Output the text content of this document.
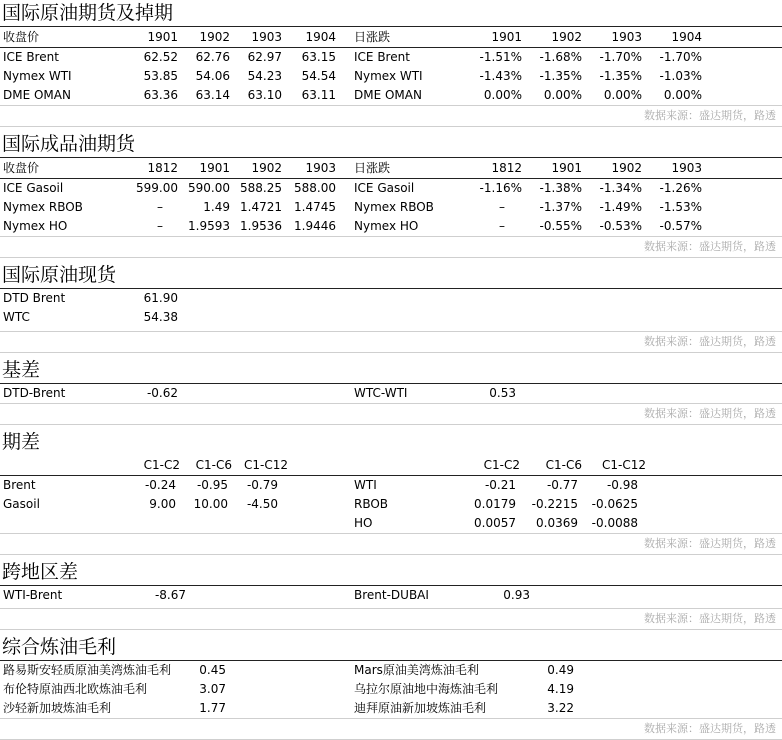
国际原油期货及掉期
收盘价	1901	1902	1903	1904 日涨跌	1901	1902	1903	1904
ICE Brent	62.52	62.76	62.97	63.15 ICE Brent	-1.51%	-1.68%	-1.70%	-1.70%
Nymex WTI	53.85	54.06	54.23	54.54 Nymex WTI	-1.43%	-1.35%	-1.35%	-1.03%
DME OMAN	63.36	63.14	63.10	63.11 DME OMAN	0.00%	0.00%	0.00%	0.00%
数据来源：盛达期货，路透
国际成品油期货
收盘价	1812	1901	1902	1903 日涨跌	1812	1901	1902	1903
ICE Gasoil	599.00 590.00 588.25	588.00 ICE Gasoil	-1.16%	-1.38%	-1.34%	-1.26%
Nymex RBOB	–	1.49 1.4721	1.4745 Nymex RBOB	–	-1.37%	-1.49%	-1.53%
Nymex HO	–	1.9593 1.9536	1.9446 Nymex HO	–	-0.55%	-0.53%	-0.57%
数据来源：盛达期货，路透
国际原油现货
DTD Brent	61.90
WTC	54.38
数据来源：盛达期货，路透
基差
DTD-Brent	-0.62	WTC-WTI	0.53
数据来源：盛达期货，路透
期差
C1-C2	C1-C6	C1-C12	C1-C2	C1-C6	C1-C12
Brent	-0.24	-0.95	-0.79	WTI	-0.21	-0.77	-0.98
Gasoil	9.00	10.00	-4.50	RBOB	0.0179 -0.2215 -0.0625
HO	0.0057	0.0369 -0.0088
数据来源：盛达期货，路透
跨地区差
WTI-Brent	-8.67	Brent-DUBAI	0.93
数据来源：盛达期货，路透
综合炼油毛利
路易斯安轻质原油美湾炼油毛利	0.45	Mars原油美湾炼油毛利	0.49
布伦特原油西北欧炼油毛利	3.07	乌拉尔原油地中海炼油毛利	4.19
沙轻新加坡炼油毛利	1.77	迪拜原油新加坡炼油毛利	3.22
数据来源：盛达期货，路透
